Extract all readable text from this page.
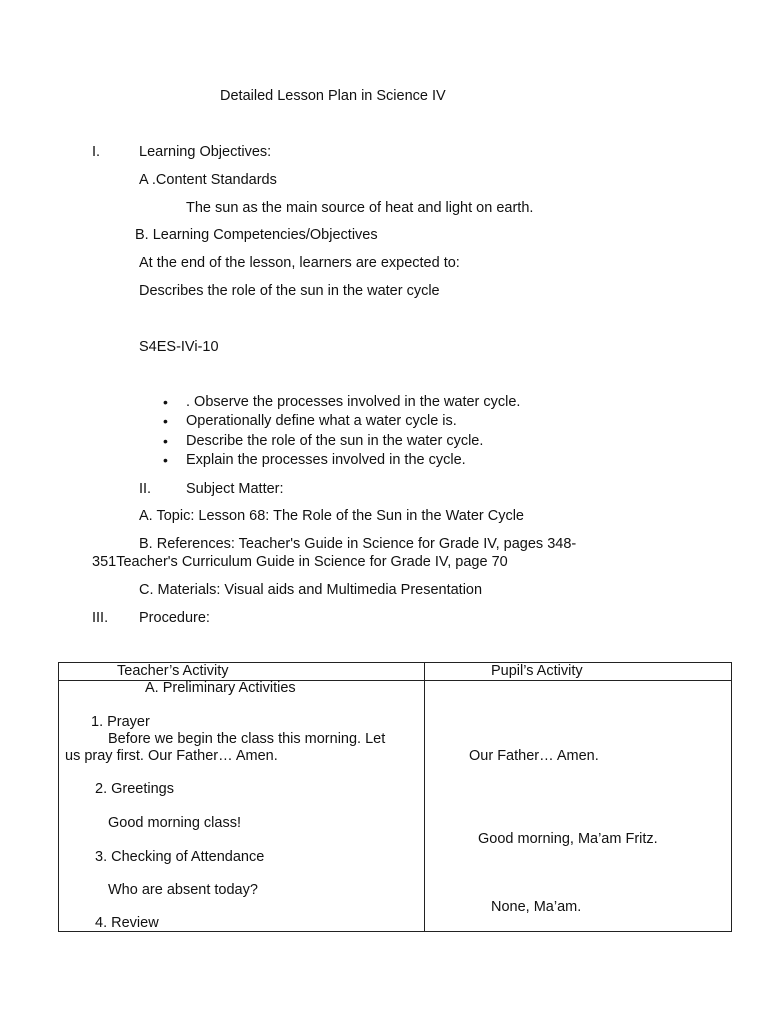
Detailed Lesson Plan in Science IV
I.	Learning Objectives:
A .Content Standards
The sun as the main source of heat and light on earth.
B. Learning Competencies/Objectives
At the end of the lesson, learners are expected to:
Describes the role of the sun in the water cycle
S4ES-IVi-10
• . Observe the processes involved in the water cycle.
• Operationally define what a water cycle is.
• Describe the role of the sun in the water cycle.
• Explain the processes involved in the cycle.
II. Subject Matter:
A. Topic: Lesson 68: The Role of the Sun in the Water Cycle
B. References: Teacher's Guide in Science for Grade IV, pages 348-
351Teacher's Curriculum Guide in Science for Grade IV, page 70
C. Materials: Visual aids and Multimedia Presentation
III. Procedure:
Teacher’s Activity	Pupil’s Activity
A. Preliminary Activities
1. Prayer
Before we begin the class this morning. Let
us pray first. Our Father… Amen.
2. Greetings
Good morning class!
3. Checking of Attendance
Who are absent today?
4. Review
Our Father… Amen.
Good morning, Ma’am Fritz.
None, Ma’am.
